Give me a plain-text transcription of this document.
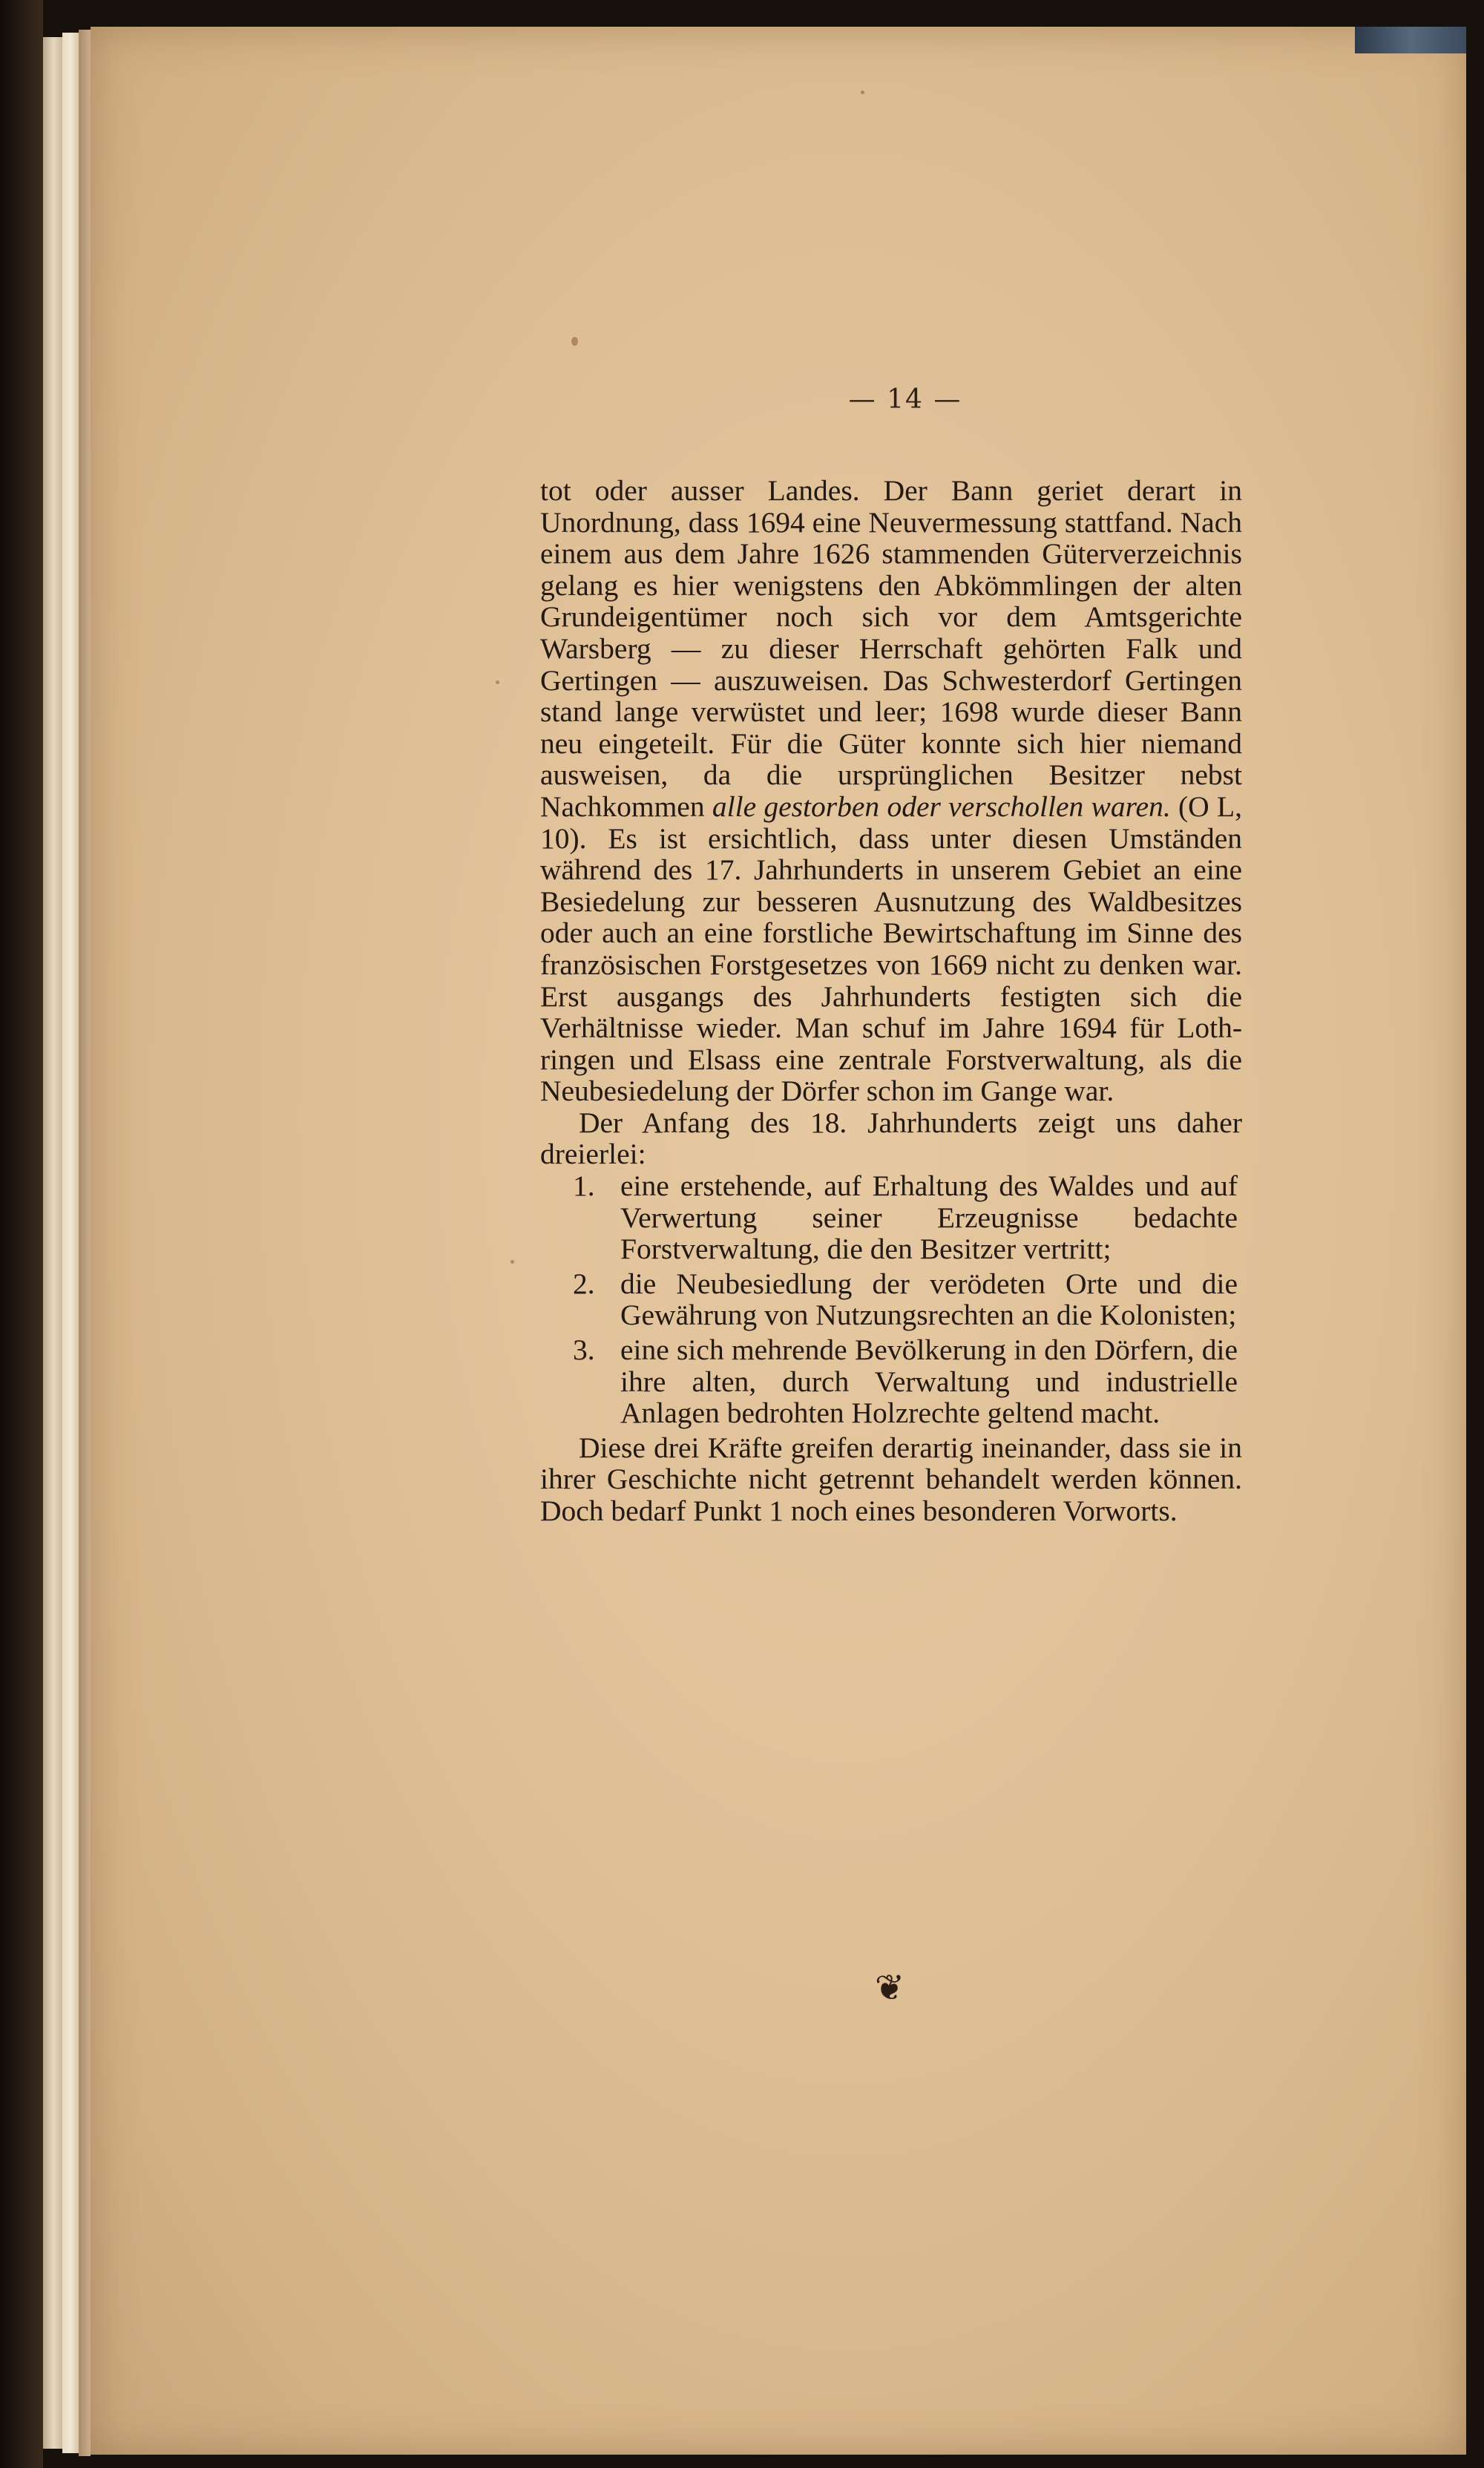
— 14 —

tot oder ausser Landes. Der Bann geriet derart in Unordnung, dass 1694 eine Neuvermessung stattfand. Nach einem aus dem Jahre 1626 stammenden Güterverzeichnis gelang es hier wenigstens den Abkömmlingen der alten Grundeigentümer noch sich vor dem Amtsgerichte Warsberg — zu dieser Herrschaft gehörten Falk und Gertingen — auszuweisen. Das Schwesterdorf Gertingen stand lange verwüstet und leer; 1698 wurde dieser Bann neu eingeteilt. Für die Güter konnte sich hier niemand ausweisen, da die ursprünglichen Besitzer nebst Nachkommen alle gestorben oder verschollen waren. (O L, 10). Es ist ersichtlich, dass unter diesen Umständen während des 17. Jahrhunderts in unserem Gebiet an eine Besiedelung zur besseren Ausnutzung des Waldbesitzes oder auch an eine forstliche Bewirtschaftung im Sinne des französischen Forstgesetzes von 1669 nicht zu denken war. Erst ausgangs des Jahrhunderts festigten sich die Verhältnisse wieder. Man schuf im Jahre 1694 für Lothringen und Elsass eine zentrale Forstverwaltung, als die Neubesiedelung der Dörfer schon im Gange war.

Der Anfang des 18. Jahrhunderts zeigt uns daher dreierlei:

1. eine erstehende, auf Erhaltung des Waldes und auf Verwertung seiner Erzeugnisse bedachte Forstverwaltung, die den Besitzer vertritt;
2. die Neubesiedlung der verödeten Orte und die Gewährung von Nutzungsrechten an die Kolonisten;
3. eine sich mehrende Bevölkerung in den Dörfern, die ihre alten, durch Verwaltung und industrielle Anlagen bedrohten Holzrechte geltend macht.

Diese drei Kräfte greifen derartig ineinander, dass sie in ihrer Geschichte nicht getrennt behandelt werden können. Doch bedarf Punkt 1 noch eines besonderen Vorworts.

❦
